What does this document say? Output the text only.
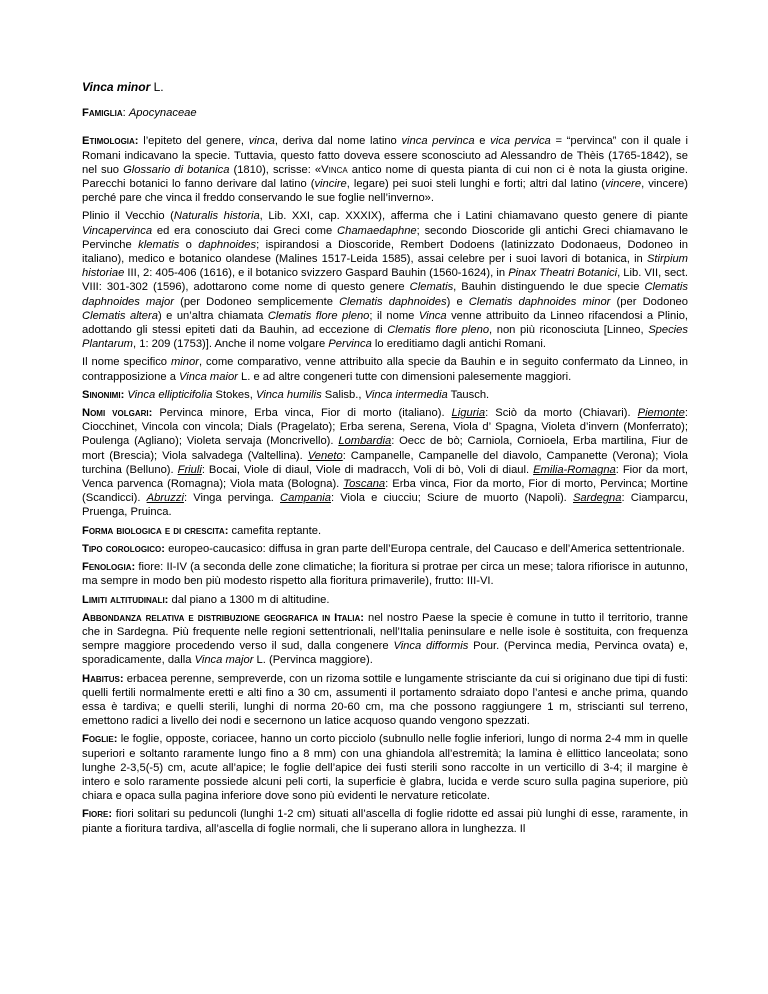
Vinca minor L.

Famiglia: Apocynaceae

Etimologia: l’epiteto del genere, vinca, deriva dal nome latino vinca pervinca e vica pervica = “pervinca” con il quale i Romani indicavano la specie. Tuttavia, questo fatto doveva essere sconosciuto ad Alessandro de Thèis (1765-1842), se nel suo Glossario di botanica (1810), scrisse: «Vinca antico nome di questa pianta di cui non ci è nota la giusta origine. Parecchi botanici lo fanno derivare dal latino (vincire, legare) pei suoi steli lunghi e forti; altri dal latino (vincere, vincere) perché pare che vinca il freddo conservando le sue foglie nell’inverno».

Plinio il Vecchio (Naturalis historia, Lib. XXI, cap. XXXIX), afferma che i Latini chiamavano questo genere di piante Vincapervinca ed era conosciuto dai Greci come Chamaedaphne; secondo Dioscoride gli antichi Greci chiamavano le Pervinche klematis o daphnoides; ispirandosi a Dioscoride, Rembert Dodoens (latinizzato Dodonaeus, Dodoneo in italiano), medico e botanico olandese (Malines 1517-Leida 1585), assai celebre per i suoi lavori di botanica, in Stirpium historiae III, 2: 405-406 (1616), e il botanico svizzero Gaspard Bauhin (1560-1624), in Pinax Theatri Botanici, Lib. VII, sect. VIII: 301-302 (1596), adottarono come nome di questo genere Clematis, Bauhin distinguendo le due specie Clematis daphnoides major (per Dodoneo semplicemente Clematis daphnoides) e Clematis daphnoides minor (per Dodoneo Clematis altera) e un’altra chiamata Clematis flore pleno; il nome Vinca venne attribuito da Linneo rifacendosi a Plinio, adottando gli stessi epiteti dati da Bauhin, ad eccezione di Clematis flore pleno, non più riconosciuta [Linneo, Species Plantarum, 1: 209 (1753)]. Anche il nome volgare Pervinca lo ereditiamo dagli antichi Romani.

Il nome specifico minor, come comparativo, venne attribuito alla specie da Bauhin e in seguito confermato da Linneo, in contrapposizione a Vinca maior L. e ad altre congeneri tutte con dimensioni palesemente maggiori.

Sinonimi: Vinca ellipticifolia Stokes, Vinca humilis Salisb., Vinca intermedia Tausch.

Nomi volgari: Pervinca minore, Erba vinca, Fior di morto (italiano). Liguria: Sciò da morto (Chiavari). Piemonte: Ciocchinet, Vincola con vincola; Dials (Pragelato); Erba serena, Serena, Viola d’ Spagna, Violeta d’invern (Monferrato); Poulenga (Agliano); Violeta servaja (Moncrivello). Lombardia: Oecc de bò; Carniola, Cornioela, Erba martilina, Fiur de mort (Brescia); Viola salvadega (Valtellina). Veneto: Campanelle, Campanelle del diavolo, Campanette (Verona); Viola turchina (Belluno). Friuli: Bocai, Viole di diaul, Viole di madracch, Voli di bò, Voli di diaul. Emilia-Romagna: Fior da mort, Venca parvenca (Romagna); Viola mata (Bologna). Toscana: Erba vinca, Fior da morto, Fior di morto, Pervinca; Mortine (Scandicci). Abruzzi: Vinga pervinga. Campania: Viola e ciucciu; Sciure de muorto (Napoli). Sardegna: Ciamparcu, Pruenga, Pruinca.

Forma biologica e di crescita: camefita reptante.

Tipo corologico: europeo-caucasico: diffusa in gran parte dell’Europa centrale, del Caucaso e dell’America settentrionale.

Fenologia: fiore: II-IV (a seconda delle zone climatiche; la fioritura si protrae per circa un mese; talora rifiorisce in autunno, ma sempre in modo ben più modesto rispetto alla fioritura primaverile), frutto: III-VI.

Limiti altitudinali: dal piano a 1300 m di altitudine.

Abbondanza relativa e distribuzione geografica in Italia: nel nostro Paese la specie è comune in tutto il territorio, tranne che in Sardegna. Più frequente nelle regioni settentrionali, nell’Italia peninsulare e nelle isole è sostituita, con frequenza sempre maggiore procedendo verso il sud, dalla congenere Vinca difformis Pour. (Pervinca media, Pervinca ovata) e, sporadicamente, dalla Vinca major L. (Pervinca maggiore).

Habitus: erbacea perenne, sempreverde, con un rizoma sottile e lungamente strisciante da cui si originano due tipi di fusti: quelli fertili normalmente eretti e alti fino a 30 cm, assumenti il portamento sdraiato dopo l’antesi e anche prima, quando essa è tardiva; e quelli sterili, lunghi di norma 20-60 cm, ma che possono raggiungere 1 m, striscianti sul terreno, emettono radici a livello dei nodi e secernono un latice acquoso quando vengono spezzati.

Foglie: le foglie, opposte, coriacee, hanno un corto picciolo (subnullo nelle foglie inferiori, lungo di norma 2-4 mm in quelle superiori e soltanto raramente lungo fino a 8 mm) con una ghiandola all’estremità; la lamina è ellittico lanceolata; sono lunghe 2-3,5(-5) cm, acute all’apice; le foglie dell’apice dei fusti sterili sono raccolte in un verticillo di 3-4; il margine è intero e solo raramente possiede alcuni peli corti, la superficie è glabra, lucida e verde scuro sulla pagina superiore, più chiara e opaca sulla pagina inferiore dove sono più evidenti le nervature reticolate.

Fiore: fiori solitari su peduncoli (lunghi 1-2 cm) situati all’ascella di foglie ridotte ed assai più lunghi di esse, raramente, in piante a fioritura tardiva, all’ascella di foglie normali, che li superano allora in lunghezza. Il
